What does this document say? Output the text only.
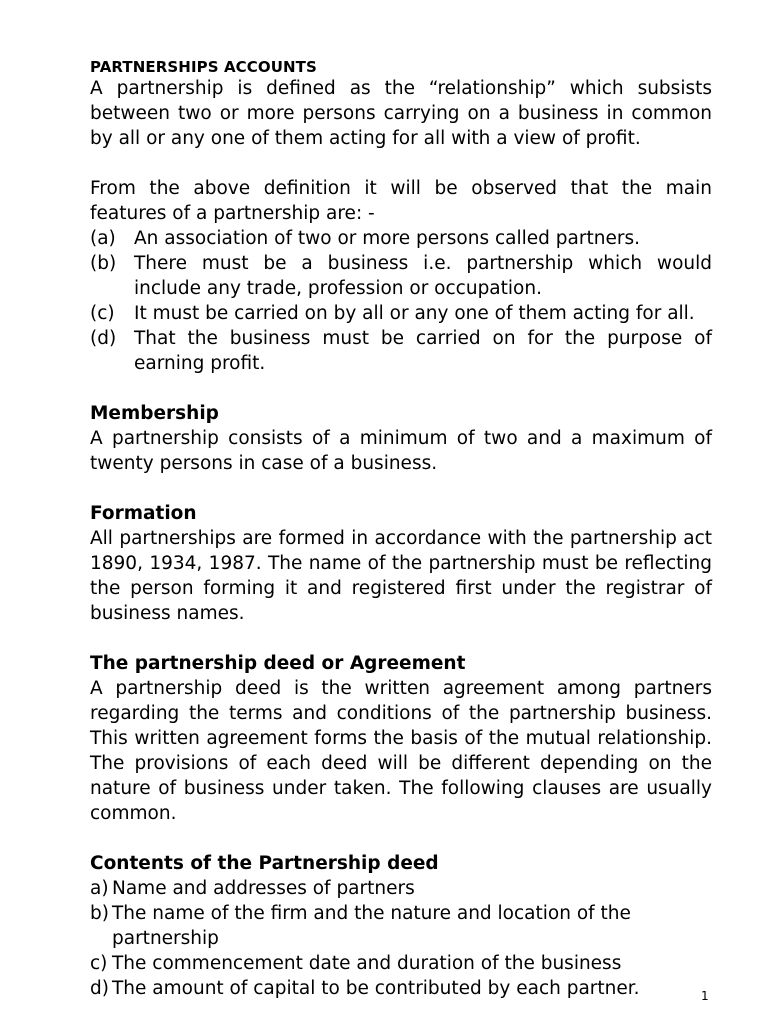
PARTNERSHIPS ACCOUNTS

A partnership is defined as the “relationship” which subsists between two or more persons carrying on a business in common by all or any one of them acting for all with a view of profit.

From the above definition it will be observed that the main features of a partnership are: -

(a) An association of two or more persons called partners.
(b) There must be a business i.e. partnership which would include any trade, profession or occupation.
(c)	It must be carried on by all or any one of them acting for all.
(d) That the business must be carried on for the purpose of earning profit.
Membership

A partnership consists of a minimum of two and a maximum of twenty persons in case of a business.

Formation

All partnerships are formed in accordance with the partnership act 1890, 1934, 1987. The name of the partnership must be reflecting the person forming it and registered first under the registrar of business names.

The partnership deed or Agreement

A partnership deed is the written agreement among partners regarding the terms and conditions of the partnership business. This written agreement forms the basis of the mutual relationship. The provisions of each deed will be different depending on the nature of business under taken. The following clauses are usually common.

Contents of the Partnership deed
a) Name and addresses of partners
b) The name of the firm and the nature and location of the partnership
c) The commencement date and duration of the business
d) The amount of capital to be contributed by each partner.	1
